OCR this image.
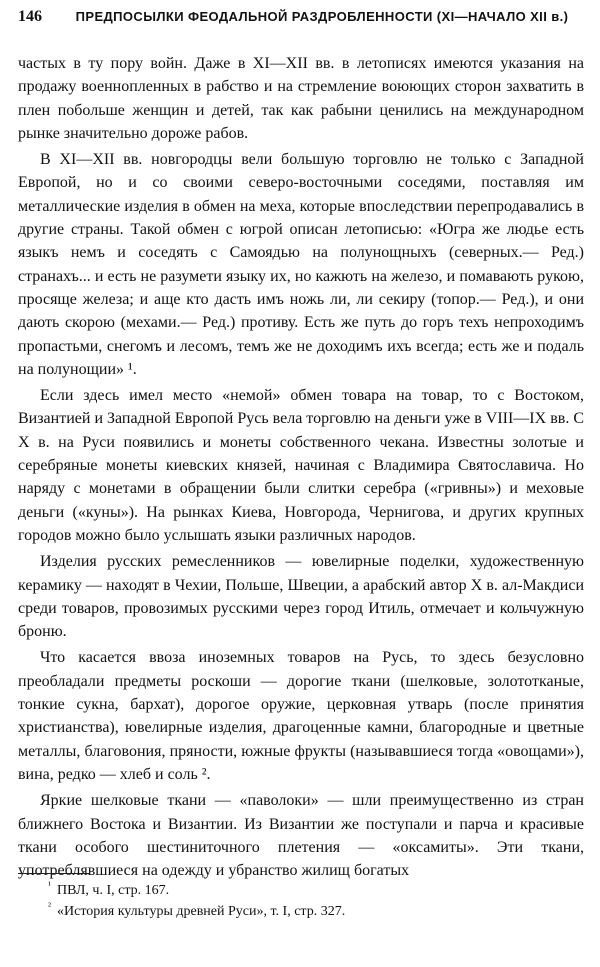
146	ПРЕДПОСЫЛКИ ФЕОДАЛЬНОЙ РАЗДРОБЛЕННОСТИ (XI—НАЧАЛО XII в.)

частых в ту пору войн. Даже в XI—XII вв. в летописях имеются указания на продажу военнопленных в рабство и на стремление воюющих сторон захватить в плен побольше женщин и детей, так как рабыни ценились на международном рынке значительно дороже рабов.

В XI—XII вв. новгородцы вели большую торговлю не только с Западной Европой, но и со своими северо-восточными соседями, поставляя им металлические изделия в обмен на меха, которые впоследствии перепродавались в другие страны. Такой обмен с югрой описан летописью: «Югра же людье есть языкъ немъ и соседять с Самоядью на полунощныхъ (северных.— Ред.) странахъ... и есть не разумети языку их, но кажють на железо, и помавають рукою, просяще железа; и аще кто дасть имъ ножь ли, ли секиру (топор.— Ред.), и они дають скорою (мехами.— Ред.) противу. Есть же путь до горъ техъ непроходимъ пропастьми, снегомъ и лесомъ, темъ же не доходимъ ихъ всегда; есть же и подаль на полунощии» ¹.

Если здесь имел место «немой» обмен товара на товар, то с Востоком, Византией и Западной Европой Русь вела торговлю на деньги уже в VIII—IX вв. С X в. на Руси появились и монеты собственного чекана. Известны золотые и серебряные монеты киевских князей, начиная с Владимира Святославича. Но наряду с монетами в обращении были слитки серебра («гривны») и меховые деньги («куны»). На рынках Киева, Новгорода, Чернигова, и других крупных городов можно было услышать языки различных народов.

Изделия русских ремесленников — ювелирные поделки, художественную керамику — находят в Чехии, Польше, Швеции, а арабский автор X в. ал-Макдиси среди товаров, провозимых русскими через город Итиль, отмечает и кольчужную броню.

Что касается ввоза иноземных товаров на Русь, то здесь безусловно преобладали предметы роскоши — дорогие ткани (шелковые, золототканые, тонкие сукна, бархат), дорогое оружие, церковная утварь (после принятия христианства), ювелирные изделия, драгоценные камни, благородные и цветные металлы, благовония, пряности, южные фрукты (называвшиеся тогда «овощами»), вина, редко — хлеб и соль ².

Яркие шелковые ткани — «паволоки» — шли преимущественно из стран ближнего Востока и Византии. Из Византии же поступали и парча и красивые ткани особого шестиниточного плетения — «оксамиты». Эти ткани, употреблявшиеся на одежду и убранство жилищ богатых

$^{^1}$ ПВЛ, ч. I, стр. 167.

$^{^2}$ «История культуры древней Руси», т. I, стр. 327.
